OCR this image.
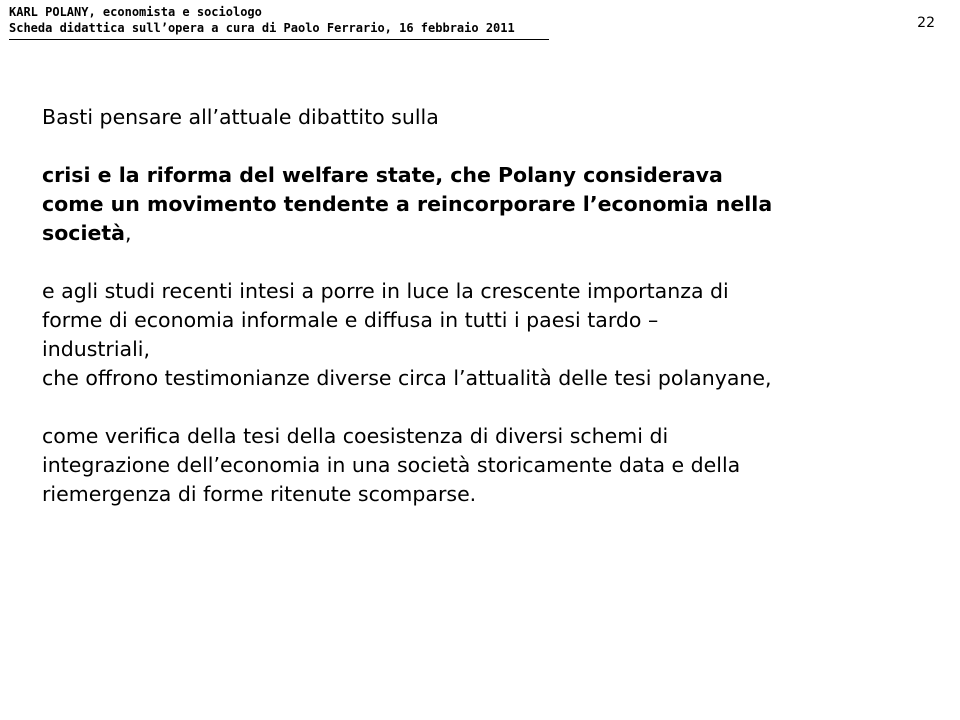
KARL POLANY, economista e sociologo
Scheda didattica sull’opera a cura di Paolo Ferrario, 16 febbraio 2011	22

Basti pensare all’attuale dibattito sulla

crisi e la riforma del welfare state, che Polany considerava
come un movimento tendente a reincorporare l’economia nella
società,

e agli studi recenti intesi a porre in luce la crescente importanza di
forme di economia informale e diffusa in tutti i paesi tardo –
industriali,
che offrono testimonianze diverse circa l’attualità delle tesi polanyane,

come verifica della tesi della coesistenza di diversi schemi di
integrazione dell’economia in una società storicamente data e della
riemergenza di forme ritenute scomparse.
